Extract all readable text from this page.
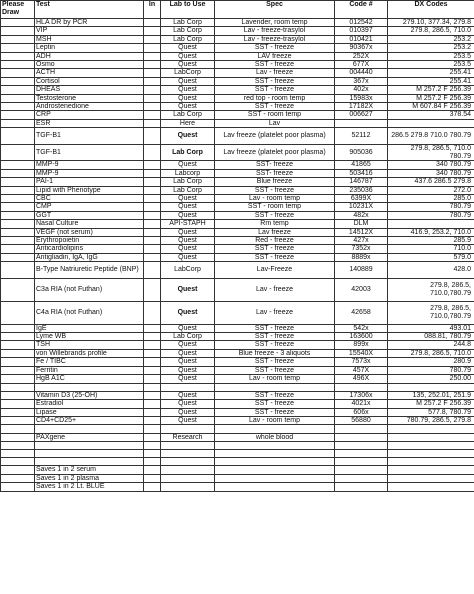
Please Draw	Test	In	Lab to Use	Spec	Code #	DX Codes
	HLA DR by PCR		Lab Corp	Lavender, room temp	012542	279.10, 377.34, 279.8
	VIP		Lab Corp	Lav - freeze-trasylol	010397	279.8, 286.5, 710.0
	MSH		Lab Corp	Lav - freeze-trasylol	010421	253.2
	Leptin		Quest	SST - freeze	90367x	253.2
	ADH		Quest	LAV freeze	252X	253.5
	Osmo		Quest	SST - freeze	677X	253.5
	ACTH		LabCorp	Lav - freeze	004440	255.41
	Cortisol		Quest	SST - freeze	367x	255.41
	DHEAS		Quest	SST - freeze	402x	M 257.2 F 256.39
	Testosterone		Quest	red top - room temp	15983x	M 257.2 F 256.39
	Androstenedione		Quest	SST - freeze	17182X	M 607.84 F 256.39
	CRP		Lab Corp	SST - room temp	006627	378.54
	ESR		Here	Lav		
	TGF-B1		Quest	Lav freeze (platelet poor plasma)	52112	286.5 279.8 710.0 780.79
	TGF-B1		Lab Corp	Lav freeze (platelet poor plasma)	905036	279.8, 286.5, 710.0 780.79
	MMP-9		Quest	SST- freeze	41865	340 780.79
	MMP-9		Labcorp	SST- freeze	503416	340 780.79
	PAI-1		Lab Corp	Blue freeze	146787	437.6 286.5 279.8
	Lipid with Phenotype		Lab Corp	SST - freeze	235036	272.0
	CBC		Quest	Lav - room temp	6399X	285.0
	CMP		Quest	SST - room temp	10231X	780.79
	GGT		Quest	SST - freeze	482x	780.79
	Nasal Culture		API-STAPH	Rm temp	DLM	
	VEGF (not serum)		Quest	Lav freeze	14512X	416.9, 253.2, 710.0
	Erythropoietin		Quest	Red - freeze	427x	285.9
	Anticardiolipins		Quest	SST - freeze	7352x	710.0
	Antigliadin, IgA, IgG		Quest	SST - freeze	8889x	579.0
	B-Type Natriuretic Peptide (BNP)		LabCorp	Lav-Freeze	140889	428.0
	C3a RIA (not Futhan)		Quest	Lav - freeze	42003	279.8, 286.5, 710.0,780.79
	C4a RIA (not Futhan)		Quest	Lav - freeze	42658	279.8, 286.5, 710.0,780.79
	IgE		Quest	SST - freeze	542x	493.01
	Lyme WB		Lab Corp	SST - freeze	163600	088.81, 780.79
	TSH		Quest	SST - freeze	899x	244.8
	von Willebrands profile		Quest	Blue freeze - 3 aliquots	15540X	279.8, 286.5, 710.0
	Fe / TIBC		Quest	SST - freeze	7573x	280.9
	Ferritin		Quest	SST - freeze	457X	780.79
	HgB A1C		Quest	Lav - room temp	496X	250.00

	Vitamin D3 (25-OH)		Quest	SST - freeze	17306x	135, 252.01, 251.9
	Estradiol		Quest	SST - freeze	4021x	M 257.2 F 256.39
	Lipase		Quest	SST - freeze	606x	577.8, 780.79
	CD4+CD25+		Quest	Lav - room temp	56880	780.79, 286.5, 279.8

	PAXgene		Research	whole blood		

	Saves 1 in 2 serum					
	Saves 1 in 2 plasma					
	Saves 1 in 2 Lt. BLUE					
